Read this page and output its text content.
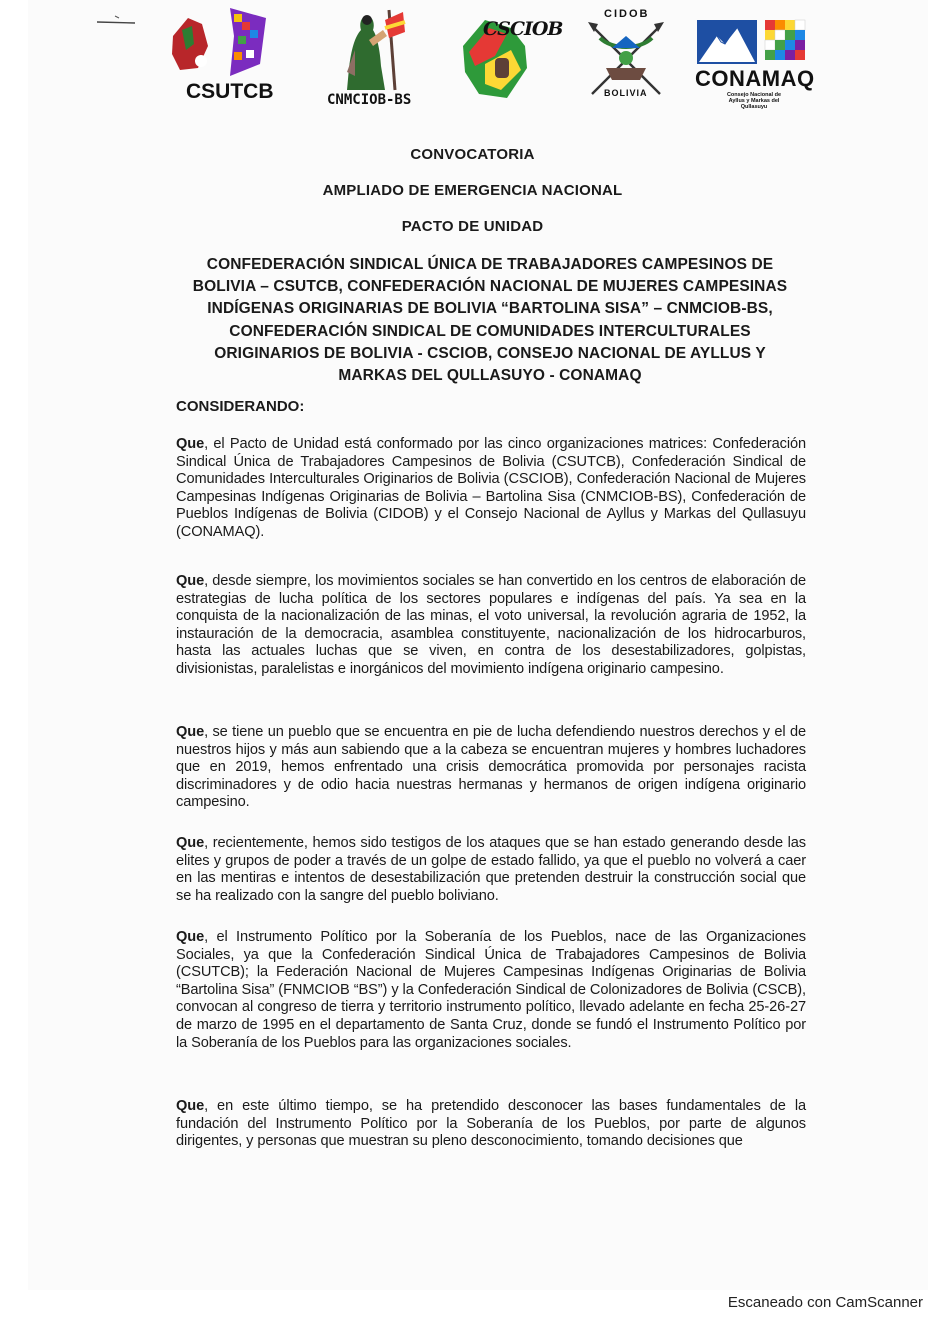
CSUTCB	CNMCIOB-BS
CSCIOB
CIDOB
BOLIVIA
CONAMAQ
Consejo Nacional de Ayllus y Markas del Qullasuyu
CONVOCATORIA
AMPLIADO DE EMERGENCIA NACIONAL
PACTO DE UNIDAD
CONFEDERACIÓN SINDICAL ÚNICA DE TRABAJADORES CAMPESINOS DE
BOLIVIA – CSUTCB, CONFEDERACIÓN NACIONAL DE MUJERES CAMPESINAS
INDÍGENAS ORIGINARIAS DE BOLIVIA “BARTOLINA SISA” – CNMCIOB-BS,
CONFEDERACIÓN SINDICAL DE COMUNIDADES INTERCULTURALES
ORIGINARIOS DE BOLIVIA - CSCIOB, CONSEJO NACIONAL DE AYLLUS Y
MARKAS DEL QULLASUYO - CONAMAQ
CONSIDERANDO:
Que, el Pacto de Unidad está conformado por las cinco organizaciones matrices: Confederación Sindical Única de Trabajadores Campesinos de Bolivia (CSUTCB), Confederación Sindical de Comunidades Interculturales Originarios de Bolivia (CSCIOB), Confederación Nacional de Mujeres Campesinas Indígenas Originarias de Bolivia – Bartolina Sisa (CNMCIOB-BS), Confederación de Pueblos Indígenas de Bolivia (CIDOB) y el Consejo Nacional de Ayllus y Markas del Qullasuyu (CONAMAQ).
Que, desde siempre, los movimientos sociales se han convertido en los centros de elaboración de estrategias de lucha política de los sectores populares e indígenas del país. Ya sea en la conquista de la nacionalización de las minas, el voto universal, la revolución agraria de 1952, la instauración de la democracia, asamblea constituyente, nacionalización de los hidrocarburos, hasta las actuales luchas que se viven, en contra de los desestabilizadores, golpistas, divisionistas, paralelistas e inorgánicos del movimiento indígena originario campesino.
Que, se tiene un pueblo que se encuentra en pie de lucha defendiendo nuestros derechos y el de nuestros hijos y más aun sabiendo que a la cabeza se encuentran mujeres y hombres luchadores que en 2019, hemos enfrentado una crisis democrática promovida por personajes racista discriminadores y de odio hacia nuestras hermanas y hermanos de origen indígena originario campesino.
Que, recientemente, hemos sido testigos de los ataques que se han estado generando desde las elites y grupos de poder a través de un golpe de estado fallido, ya que el pueblo no volverá a caer en las mentiras e intentos de desestabilización que pretenden destruir la construcción social que se ha realizado con la sangre del pueblo boliviano.
Que, el Instrumento Político por la Soberanía de los Pueblos, nace de las Organizaciones Sociales, ya que la Confederación Sindical Única de Trabajadores Campesinos de Bolivia (CSUTCB); la Federación Nacional de Mujeres Campesinas Indígenas Originarias de Bolivia “Bartolina Sisa” (FNMCIOB “BS”) y la Confederación Sindical de Colonizadores de Bolivia (CSCB), convocan al congreso de tierra y territorio instrumento político, llevado adelante en fecha 25-26-27 de marzo de 1995 en el departamento de Santa Cruz, donde se fundó el Instrumento Político por la Soberanía de los Pueblos para las organizaciones sociales.
Que, en este último tiempo, se ha pretendido desconocer las bases fundamentales de la fundación del Instrumento Político por la Soberanía de los Pueblos, por parte de algunos dirigentes, y personas que muestran su pleno desconocimiento, tomando decisiones que
Escaneado con CamScanner
